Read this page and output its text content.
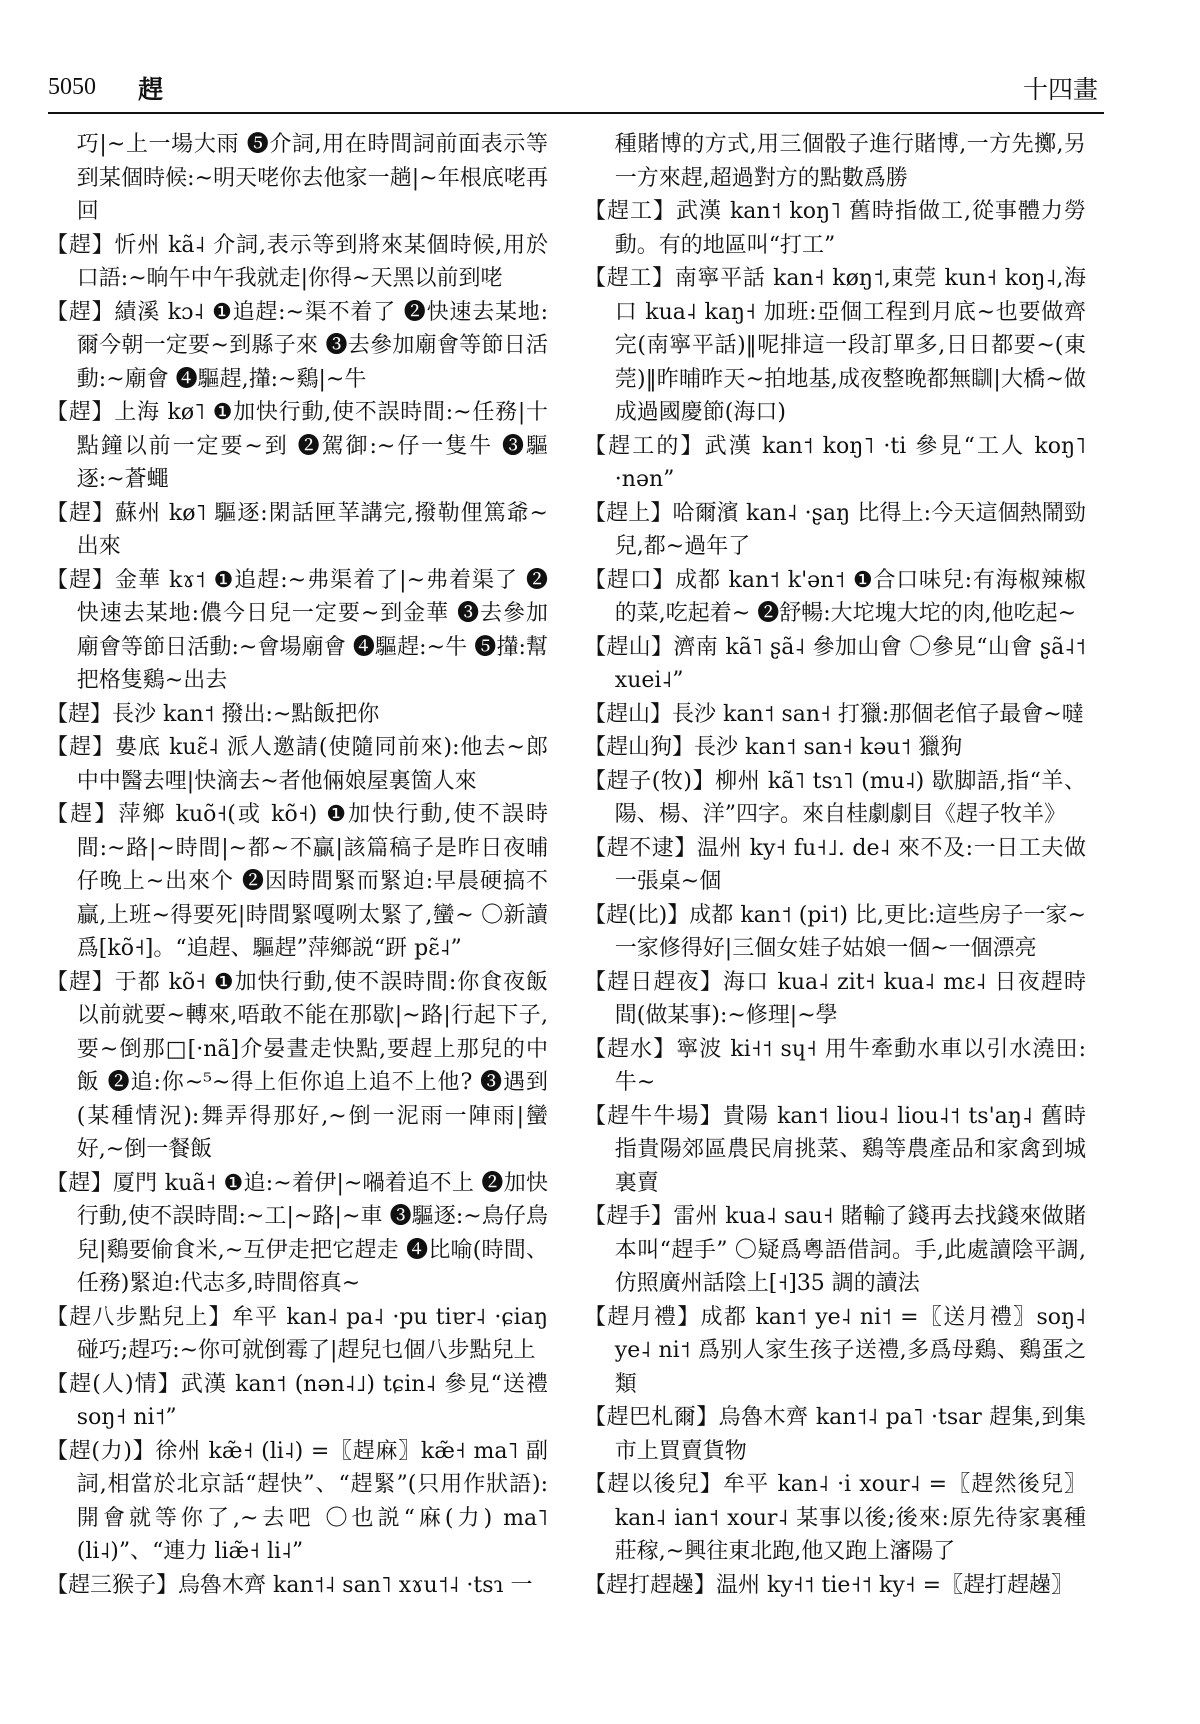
5050 趕	十四畫

巧|~上一場大雨 ❺介詞,用在時間詞前面表示等到某個時候:~明天咾你去他家一趟|~年根底咾再回

【趕】忻州 kã˨ 介詞,表示等到將來某個時候,用於口語:~晌午中午我就走|你得~天黑以前到咾

【趕】績溪 kɔ˨ ❶追趕:~渠不着了 ❷快速去某地:爾今朝一定要~到縣子來 ❸去參加廟會等節日活動:~廟會 ❹驅趕,攆:~鷄|~牛

【趕】上海 kø˥ ❶加快行動,使不誤時間:~任務|十點鐘以前一定要~到 ❷駕御:~仔一隻牛 ❸驅逐:~蒼蠅

【趕】蘇州 kø˥ 驅逐:閑話匣𦭵講完,撥勒俚篤爺~出來

【趕】金華 kɤ˦ ❶追趕:~弗渠着了|~弗着渠了 ❷快速去某地:儂今日兒一定要~到金華 ❸去參加廟會等節日活動:~會場廟會 ❹驅趕:~牛 ❺攆:幫把格隻鷄~出去

【趕】長沙 kan˦ 撥出:~點飯把你

【趕】婁底 kuɛ̃˨ 派人邀請(使隨同前來):他去~郎中中醫去哩|快滴去~者他倆娘屋裏箇人來

【趕】萍鄉 kuõ˧(或 kõ˧) ❶加快行動,使不誤時間:~路|~時間|~都~不贏|該篇稿子是昨日夜晡仔晚上~出來个 ❷因時間緊而緊迫:早晨硬搞不贏,上班~得要死|時間緊嘎咧太緊了,蠻~ 〇新讀爲[kõ˧]。“追趕、驅趕”萍鄉説“趼 pɛ̃˨”

【趕】于都 kõ˧ ❶加快行動,使不誤時間:你食夜飯以前就要~轉來,唔敢不能在那歇|~路|行起下子,要~倒那□[·nã]介晏晝走快點,要趕上那兒的中飯 ❷追:你~⁵~得上佢你追上追不上他? ❸遇到(某種情況):舞弄得那好,~倒一泥雨一陣雨|蠻好,~倒一餐飯

【趕】厦門 kuã˧ ❶追:~着伊|~𡁜着追不上 ❷加快行動,使不誤時間:~工|~路|~車 ❸驅逐:~鳥仔鳥兒|鷄要偷食米,~互伊走把它趕走 ❹比喻(時間、任務)緊迫:代志多,時間傛真~

【趕八步點兒上】牟平 kan˨ pa˨ ·pu tiɐr˨ ·ɕiaŋ 碰巧;趕巧:~你可就倒霉了|趕兒乜個八步點兒上

【趕(人)情】武漢 kan˦ (nən˨˩) tɕin˨ 參見“送禮 soŋ˧ ni˦”

【趕(力)】徐州 kæ̃˧ (li˨) =〖趕麻〗kæ̃˧ ma˥ 副詞,相當於北京話“趕快”、“趕緊”(只用作狀語):開會就等你了,~去吧 〇也説“麻(力) ma˥ (li˨)”、“連力 liæ̃˧ li˨”

【趕三猴子】烏魯木齊 kan˦˨ san˥ xɤu˦˨ ·tsɿ 一

種賭博的方式,用三個骰子進行賭博,一方先擲,另一方來趕,超過對方的點數爲勝

【趕工】武漢 kan˦ koŋ˥ 舊時指做工,從事體力勞動。有的地區叫“打工”

【趕工】南寧平話 kan˧ køŋ˦,東莞 kun˧ koŋ˨,海口 kua˨ kaŋ˧ 加班:亞個工程到月底~也要做齊完(南寧平話)‖呢排這一段訂單多,日日都要~(東莞)‖昨晡昨天~拍地基,成夜整晚都無瞓|大橋~做成過國慶節(海口)

【趕工的】武漢 kan˦ koŋ˥ ·ti 參見“工人 koŋ˥ ·nən”

【趕上】哈爾濱 kan˨ ·ʂaŋ 比得上:今天這個熱鬧勁兒,都~過年了

【趕口】成都 kan˦ k'ən˦ ❶合口味兒:有海椒辣椒的菜,吃起着~ ❷舒暢:大坨塊大坨的肉,他吃起~

【趕山】濟南 kã˥ ʂã˨ 參加山會 〇參見“山會 ʂã˨˦ xuei˨”

【趕山】長沙 kan˦ san˧ 打獵:那個老倌子最會~噠

【趕山狗】長沙 kan˦ san˧ kəu˦ 獵狗

【趕子(牧)】柳州 kã˥ tsɿ˥ (mu˨) 歇脚語,指“羊、陽、楊、洋”四字。來自桂劇劇目《趕子牧羊》

【趕不逮】温州 ky˧ fu˧˩. de˨ 來不及:一日工夫做一張桌~個

【趕(比)】成都 kan˦ (pi˦) 比,更比:這些房子一家~一家修得好|三個女娃子姑娘一個~一個漂亮

【趕日趕夜】海口 kua˨ zit˧ kua˨ mɛ˨ 日夜趕時間(做某事):~修理|~學

【趕水】寧波 ki˧˦ sɥ˧ 用牛牽動水車以引水澆田:牛~

【趕牛牛場】貴陽 kan˦ liou˨ liou˨˦ ts'aŋ˨ 舊時指貴陽郊區農民肩挑菜、鷄等農產品和家禽到城裏賣

【趕手】雷州 kua˨ sau˧ 賭輸了錢再去找錢來做賭本叫“趕手” 〇疑爲粵語借詞。手,此處讀陰平調,仿照廣州話陰上[˧]35 調的讀法

【趕月禮】成都 kan˦ ye˨ ni˦ =〖送月禮〗soŋ˨ ye˨ ni˦ 爲别人家生孩子送禮,多爲母鷄、鷄蛋之類

【趕巴札爾】烏魯木齊 kan˦˨ pa˥ ·tsar 趕集,到集市上買賣貨物

【趕以後兒】牟平 kan˨ ·i xour˨ =〖趕然後兒〗kan˨ ian˦ xour˨ 某事以後;後來:原先待家裏種莊稼,~興往東北跑,他又跑上瀋陽了

【趕打趕趮】温州 ky˧˦ tie˧˦ ky˧ =〖趕打趕趮〗
